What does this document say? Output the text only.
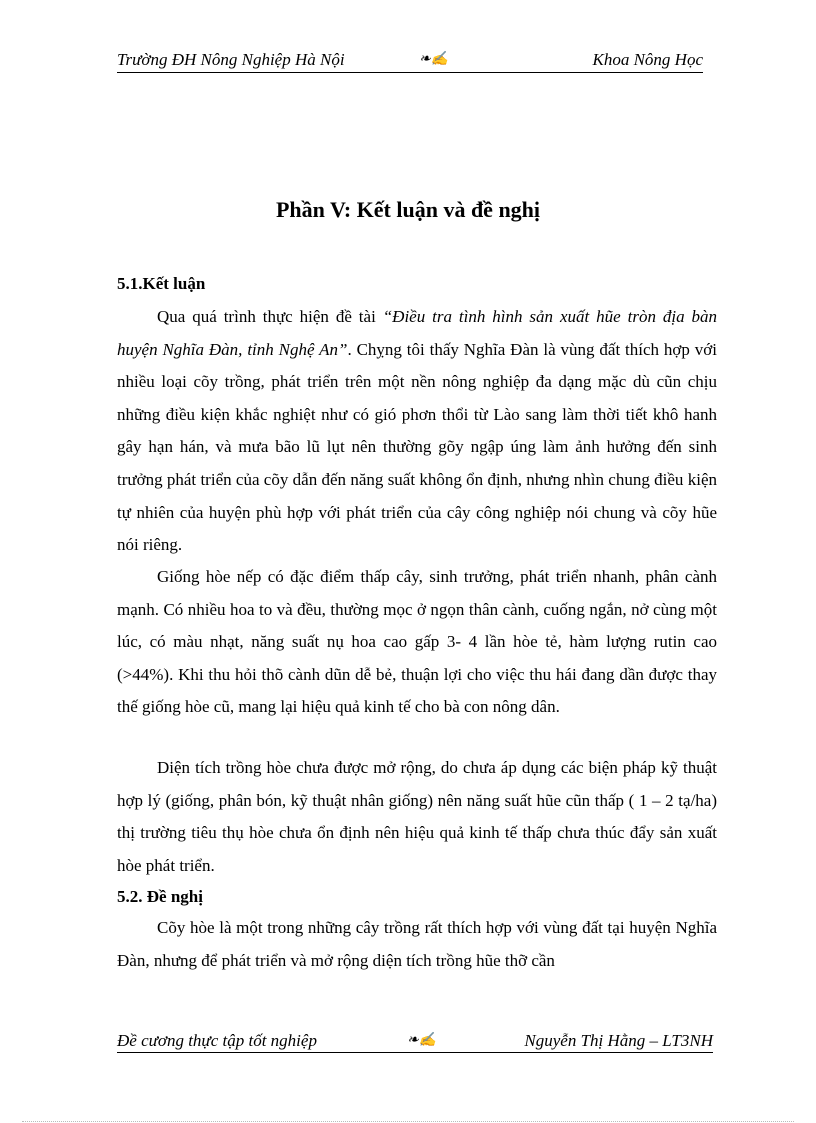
Trường ĐH Nông Nghiệp Hà Nội	❧✍	Khoa Nông Học
Phần V: Kết luận và đề nghị
5.1.Kết luận
Qua quá trình thực hiện đề tài “Điều tra tình hình sản xuất hũe tròn địa bàn huyện Nghĩa Đàn, tỉnh Nghệ An”. Chỵng tôi thấy Nghĩa Đàn là vùng đất thích hợp với nhiều loại cõy trồng, phát triển trên một nền nông nghiệp đa dạng mặc dù cũn chịu những điều kiện khắc nghiệt như có gió phơn thổi từ Lào sang làm thời tiết khô hanh gây hạn hán, và mưa bão lũ lụt nên thường gõy ngập úng làm ảnh hưởng đến sinh trưởng phát triển của cõy dẫn đến năng suất không ổn định, nhưng nhìn chung điều kiện tự nhiên của huyện phù hợp với phát triển của cây công nghiệp nói chung và cõy hũe nói riêng.
Giống hòe nếp có đặc điểm thấp cây, sinh trưởng, phát triển nhanh, phân cành mạnh. Có nhiều hoa to và đều, thường mọc ở ngọn thân cành, cuống ngắn, nở cùng một lúc, có màu nhạt, năng suất nụ hoa cao gấp 3- 4 lần hòe tẻ, hàm lượng rutin cao (>44%). Khi thu hỏi thõ cành dũn dễ bẻ, thuận lợi cho việc thu hái đang dần được thay thế giống hòe cũ, mang lại hiệu quả kinh tế cho bà con nông dân.
Diện tích trồng hòe chưa được mở rộng, do chưa áp dụng các biện pháp kỹ thuật hợp lý (giống, phân bón, kỹ thuật nhân giống) nên năng suất hũe cũn thấp ( 1 – 2 tạ/ha) thị trường tiêu thụ hòe chưa ổn định nên hiệu quả kinh tế thấp chưa thúc đẩy sản xuất hòe phát triển.
5.2. Đề nghị
Cõy hòe là một trong những cây trồng rất thích hợp với vùng đất tại huyện Nghĩa Đàn, nhưng để phát triển và mở rộng diện tích trồng hũe thỡ cần
Đề cương thực tập tốt nghiệp	❧✍	Nguyễn Thị Hằng – LT3NH
